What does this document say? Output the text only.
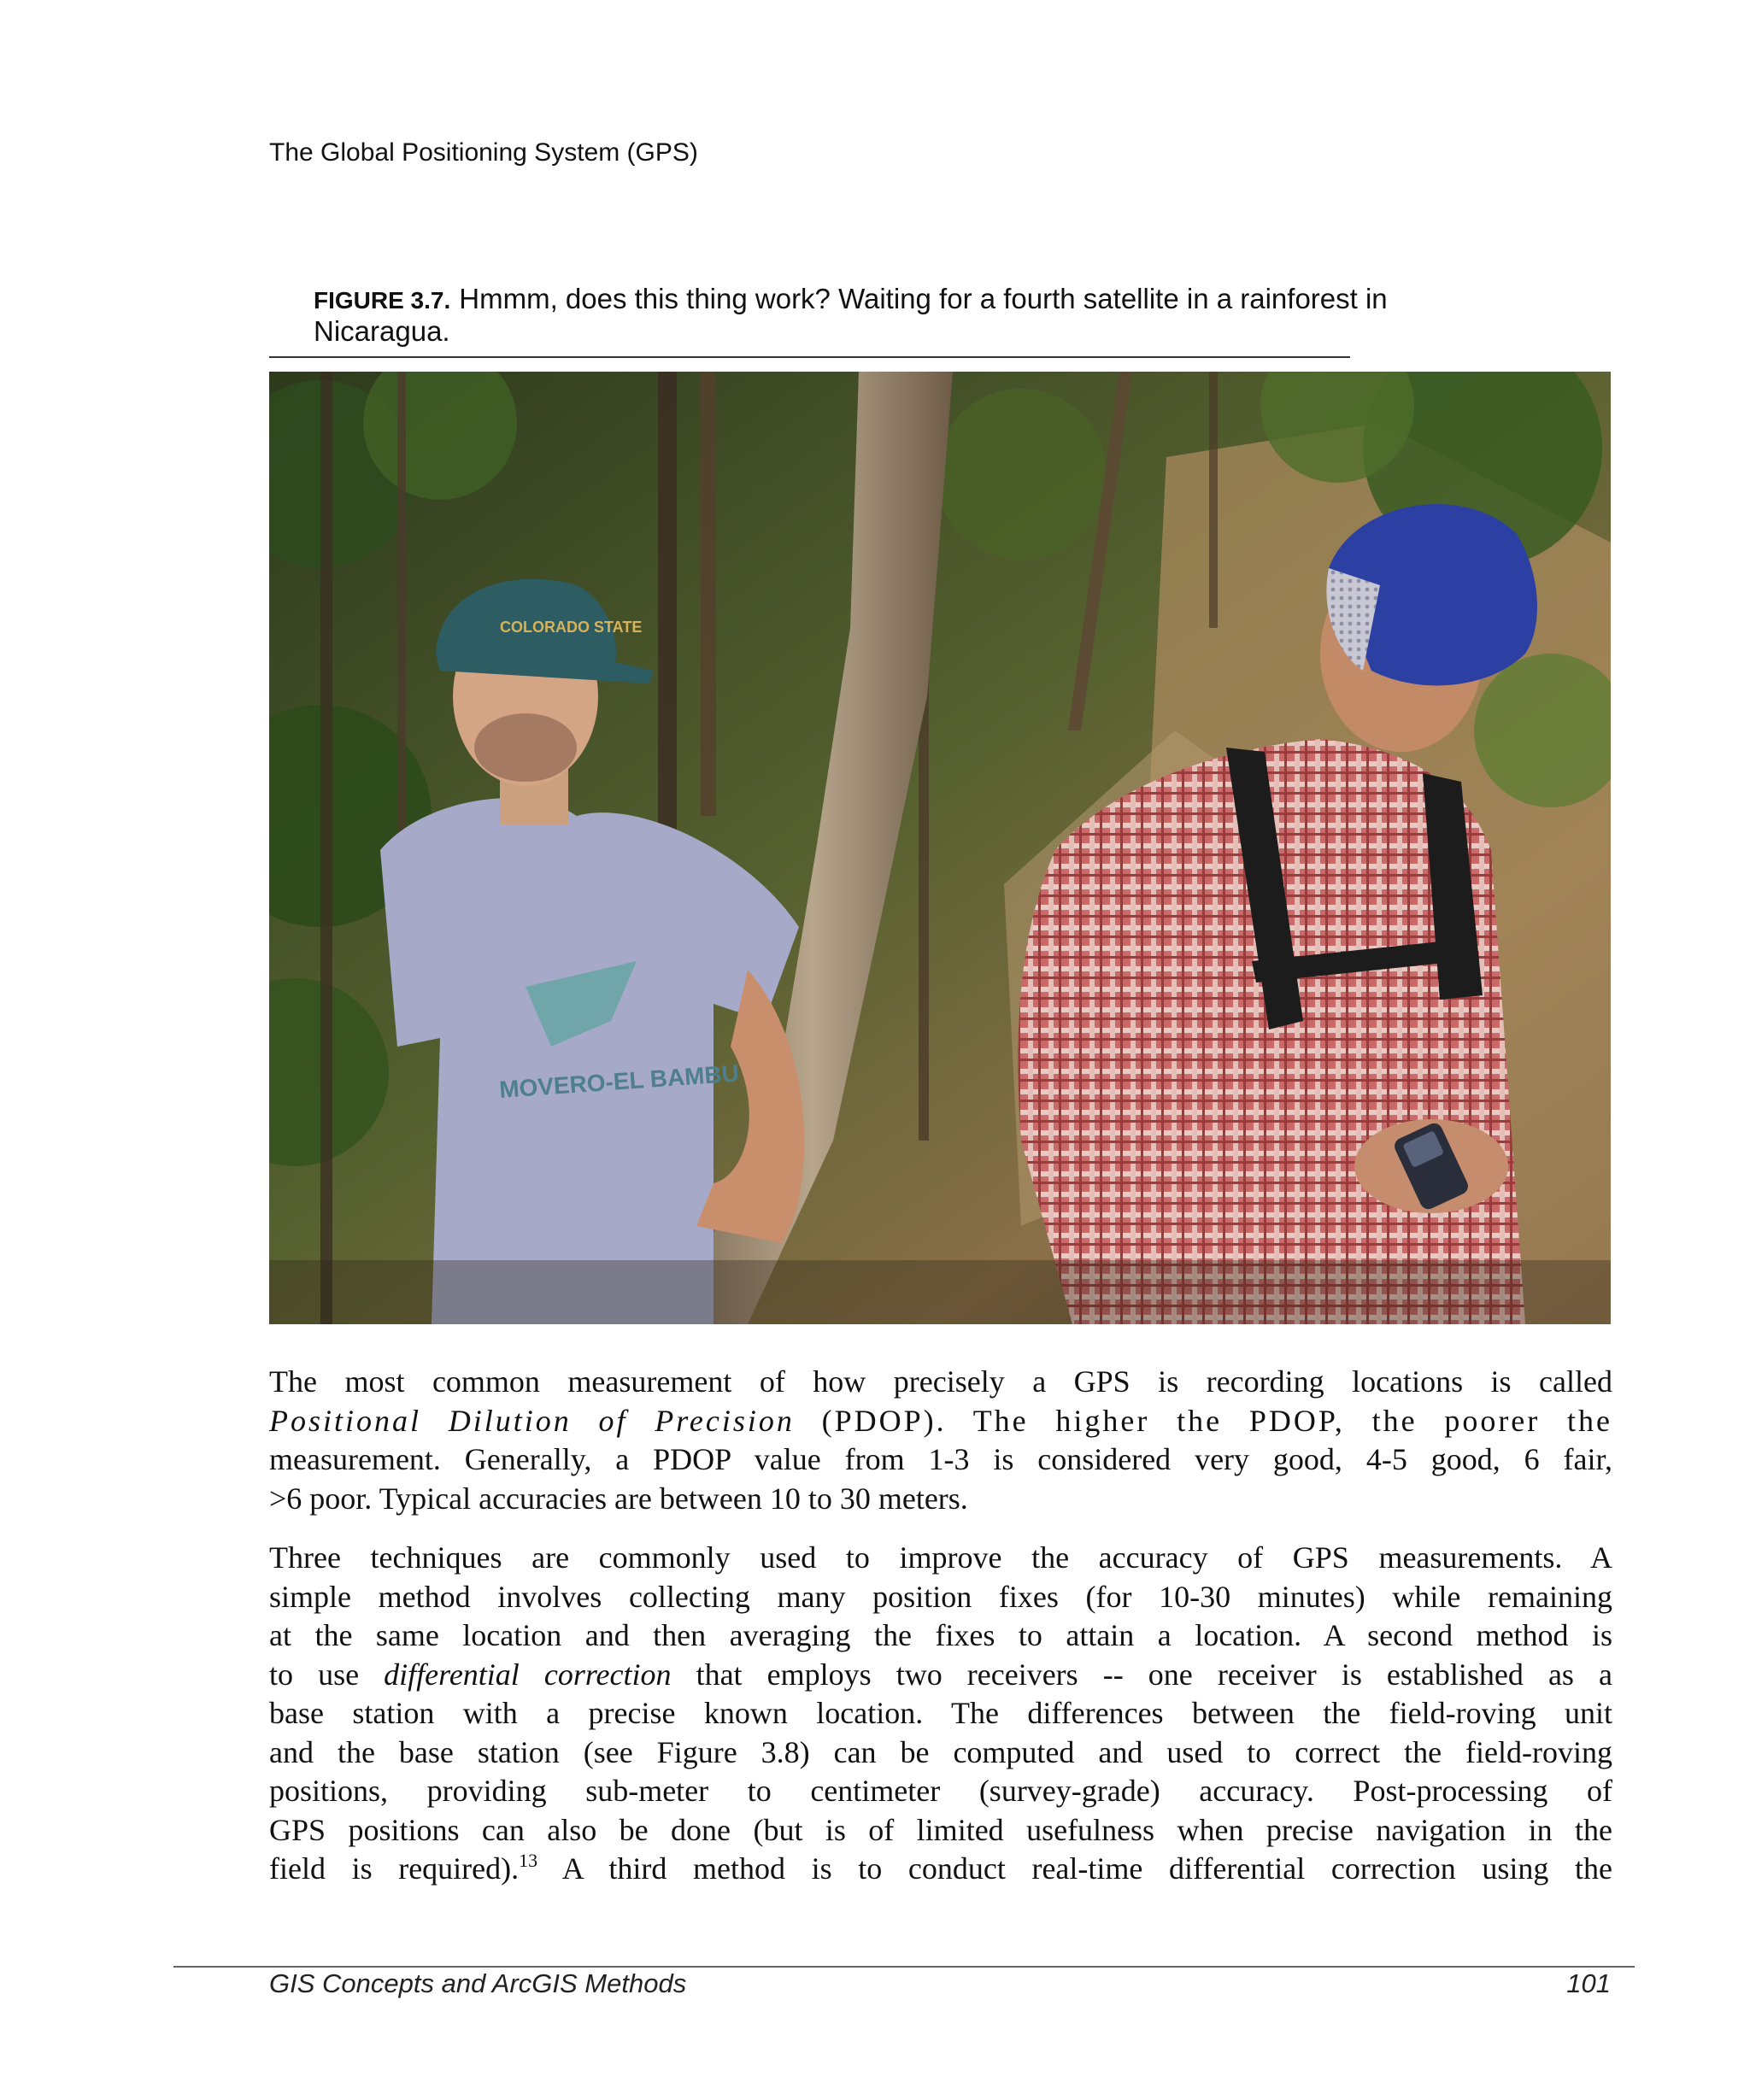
The Global Positioning System (GPS)
FIGURE 3.7. Hmmm, does this thing work? Waiting for a fourth satellite in a rainforest in Nicaragua.
COLORADO STATE
MOVERO-EL BAMBU

The most common measurement of how precisely a GPS is recording locations is called
Positional Dilution of Precision (PDOP). The higher the PDOP, the poorer the
measurement. Generally, a PDOP value from 1-3 is considered very good, 4-5 good, 6 fair,
>6 poor. Typical accuracies are between 10 to 30 meters.

Three techniques are commonly used to improve the accuracy of GPS measurements. A
simple method involves collecting many position fixes (for 10-30 minutes) while remaining
at the same location and then averaging the fixes to attain a location. A second method is
to use differential correction that employs two receivers -- one receiver is established as a
base station with a precise known location. The differences between the field-roving unit
and the base station (see Figure 3.8) can be computed and used to correct the field-roving
positions, providing sub-meter to centimeter (survey-grade) accuracy. Post-processing of
GPS positions can also be done (but is of limited usefulness when precise navigation in the
field is required).$^{13}$ A third method is to conduct real-time differential correction using the

GIS Concepts and ArcGIS Methods	101
